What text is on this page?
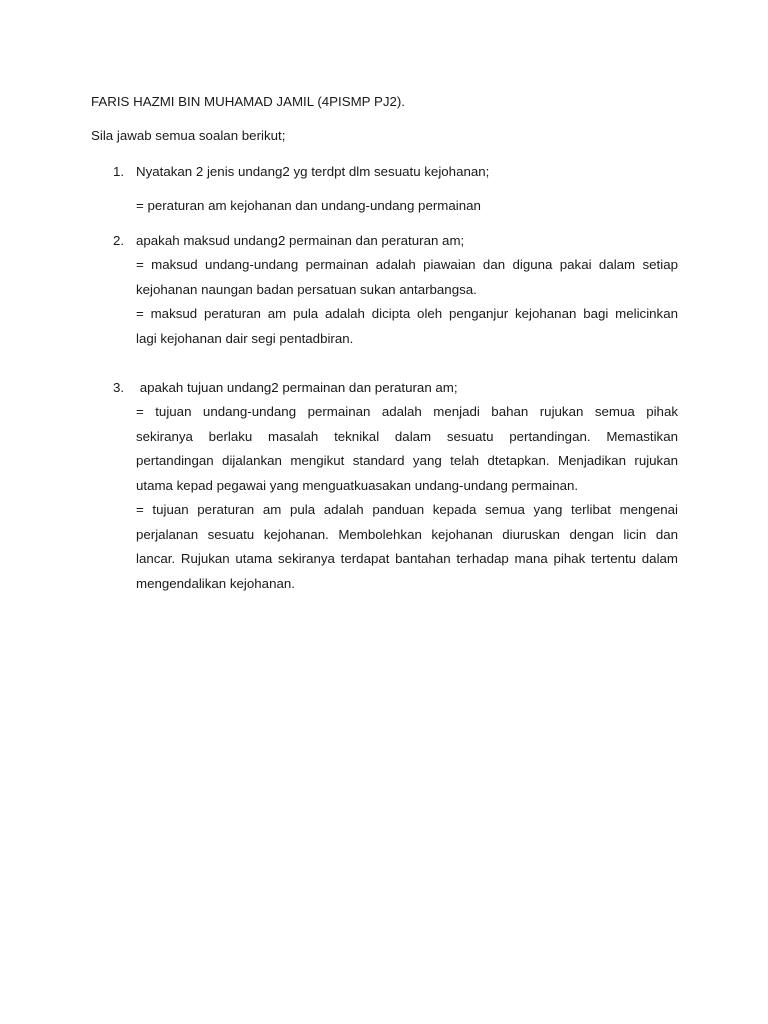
FARIS HAZMI BIN MUHAMAD JAMIL (4PISMP PJ2).
Sila jawab semua soalan berikut;
1. Nyatakan 2 jenis undang2 yg terdpt dlm sesuatu kejohanan;
= peraturan am kejohanan dan undang-undang permainan
2. apakah maksud undang2 permainan dan peraturan am;
= maksud undang-undang permainan adalah piawaian dan diguna pakai dalam setiap
kejohanan naungan badan persatuan sukan antarbangsa.
= maksud peraturan am pula adalah dicipta oleh penganjur kejohanan bagi melicinkan
lagi kejohanan dair segi pentadbiran.
3. apakah tujuan undang2 permainan dan peraturan am;
= tujuan undang-undang permainan adalah menjadi bahan rujukan semua pihak
sekiranya berlaku masalah teknikal dalam sesuatu pertandingan. Memastikan
pertandingan dijalankan mengikut standard yang telah dtetapkan. Menjadikan rujukan
utama kepad pegawai yang menguatkuasakan undang-undang permainan.
= tujuan peraturan am pula adalah panduan kepada semua yang terlibat mengenai
perjalanan sesuatu kejohanan. Membolehkan kejohanan diuruskan dengan licin dan
lancar. Rujukan utama sekiranya terdapat bantahan terhadap mana pihak tertentu dalam
mengendalikan kejohanan.
